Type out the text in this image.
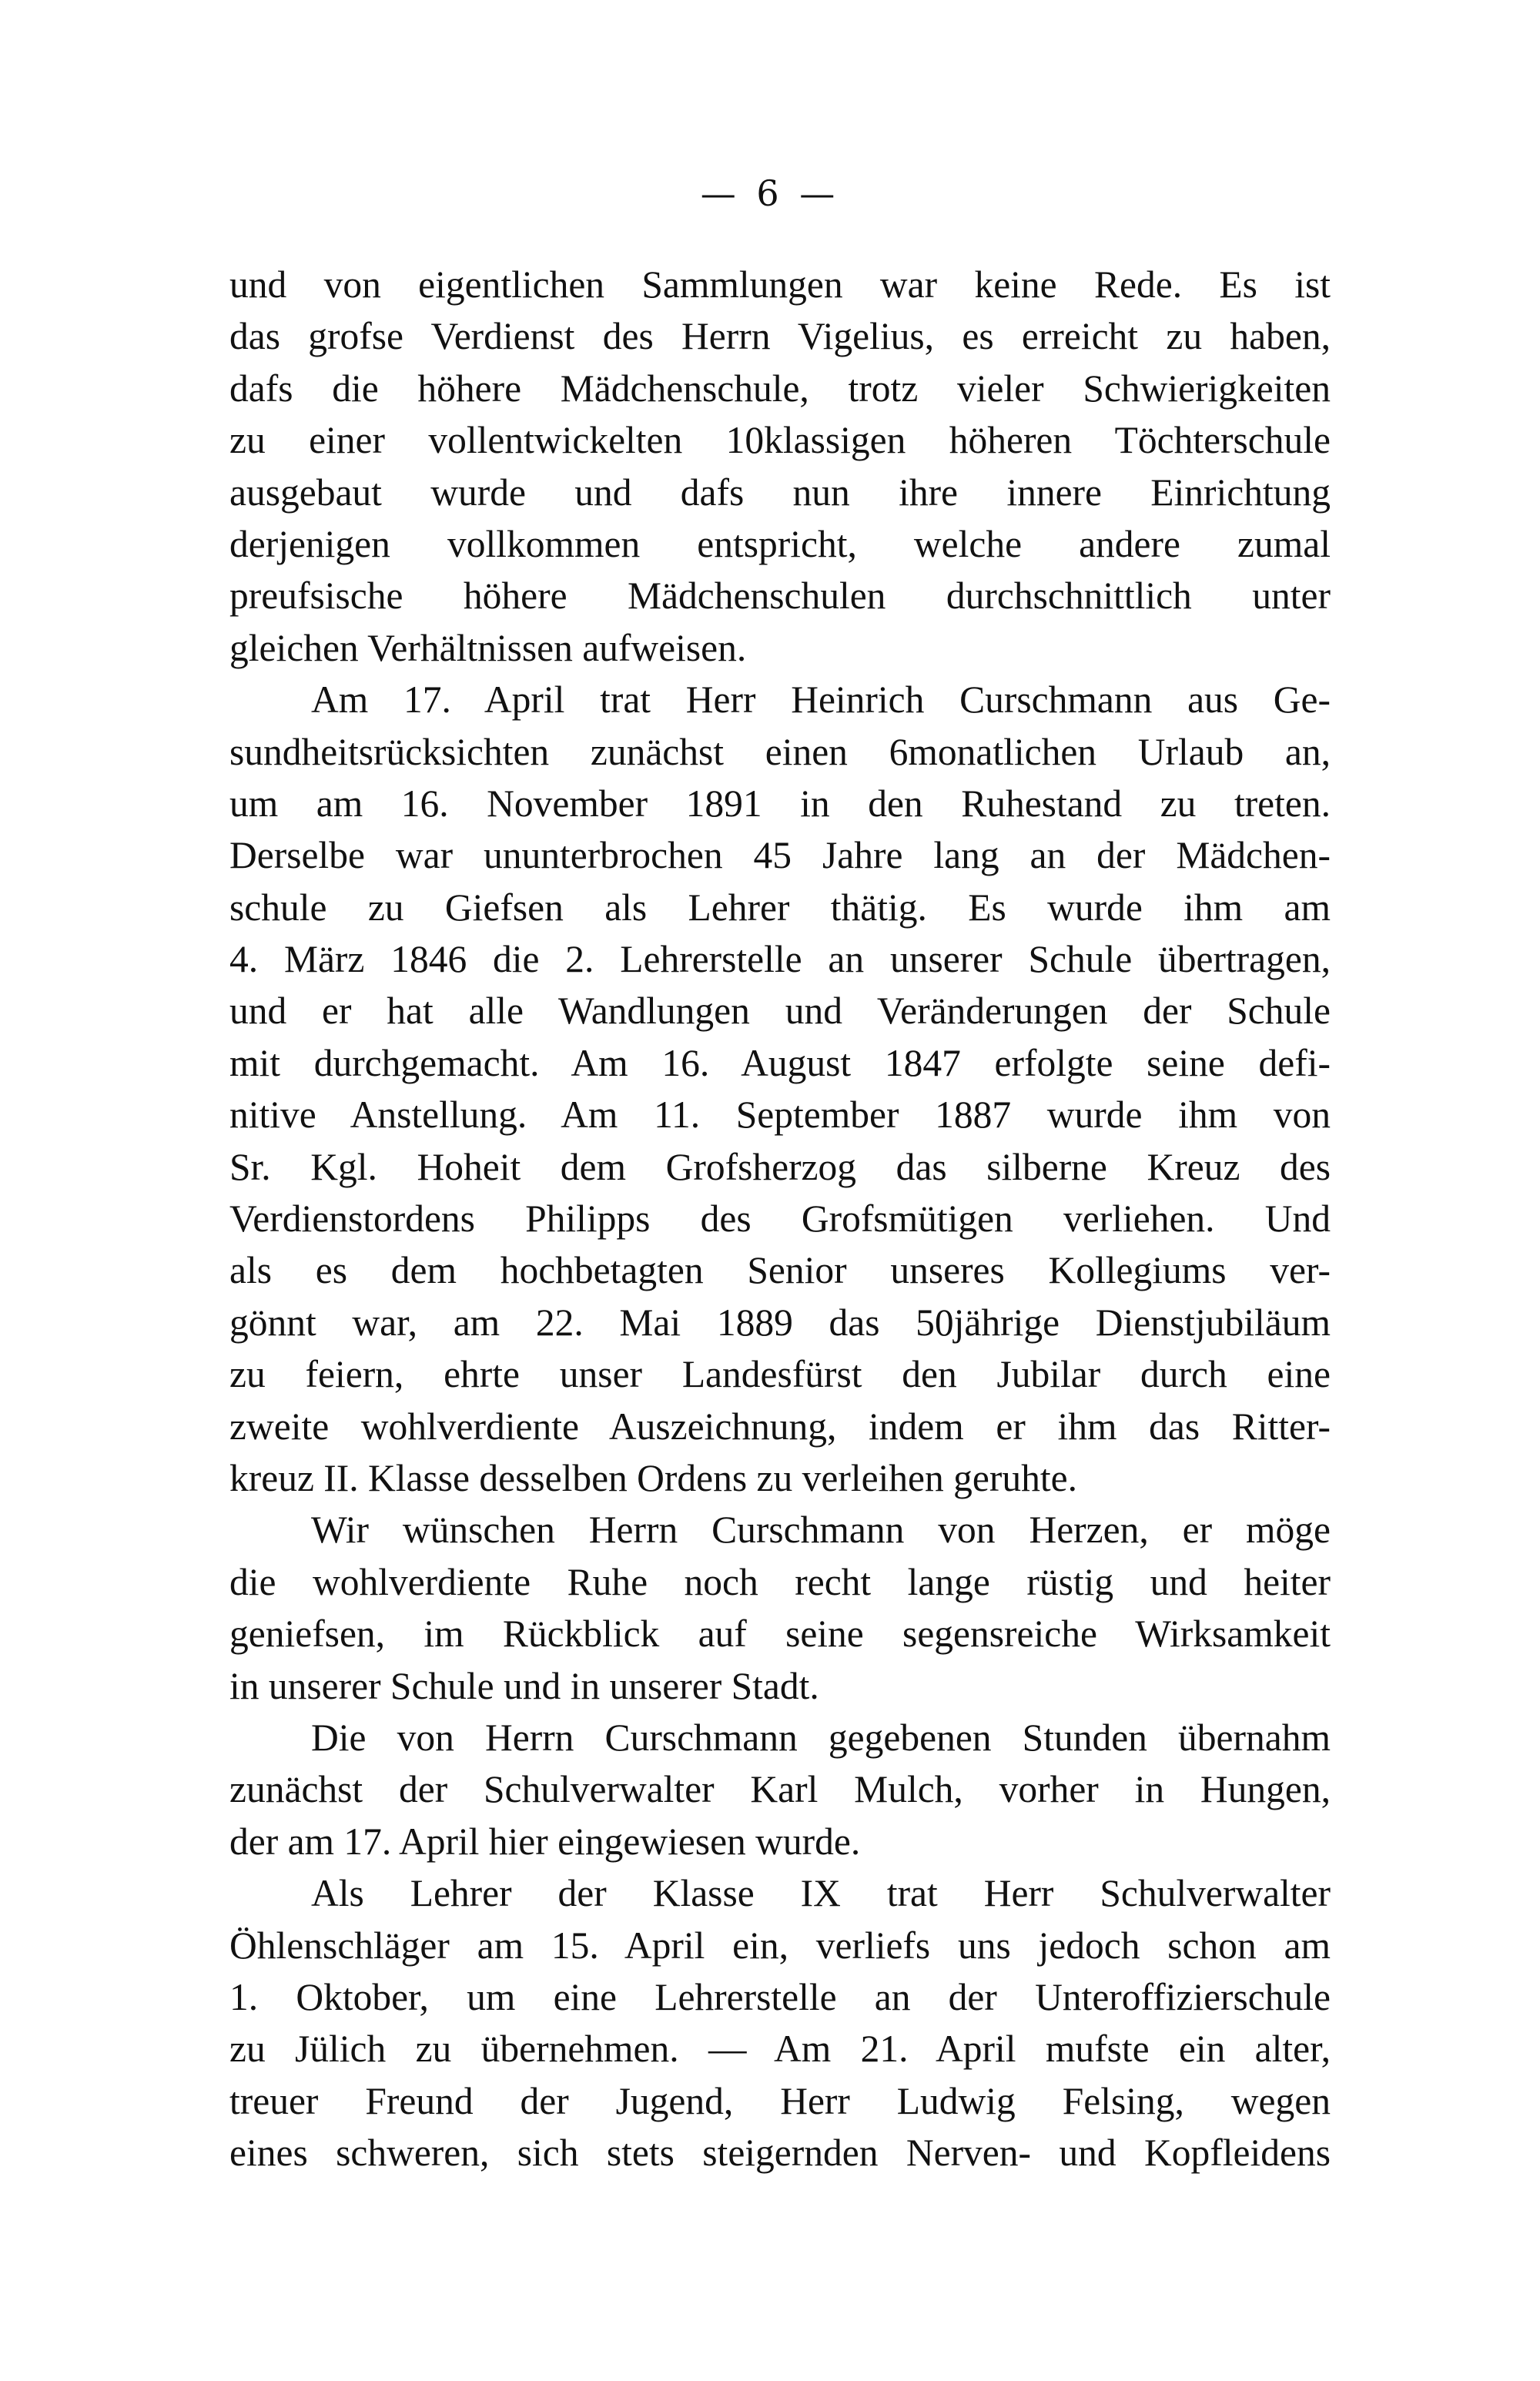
— 6 —
und von eigentlichen Sammlungen war keine Rede. Es ist
das grofse Verdienst des Herrn Vigelius, es erreicht zu haben,
dafs die höhere Mädchenschule, trotz vieler Schwierigkeiten
zu einer vollentwickelten 10klassigen höheren Töchterschule
ausgebaut wurde und dafs nun ihre innere Einrichtung
derjenigen vollkommen entspricht, welche andere zumal
preufsische höhere Mädchenschulen durchschnittlich unter
gleichen Verhältnissen aufweisen.
Am 17. April trat Herr Heinrich Curschmann aus Ge-
sundheitsrücksichten zunächst einen 6monatlichen Urlaub an,
um am 16. November 1891 in den Ruhestand zu treten.
Derselbe war ununterbrochen 45 Jahre lang an der Mädchen-
schule zu Giefsen als Lehrer thätig. Es wurde ihm am
4. März 1846 die 2. Lehrerstelle an unserer Schule übertragen,
und er hat alle Wandlungen und Veränderungen der Schule
mit durchgemacht. Am 16. August 1847 erfolgte seine defi-
nitive Anstellung. Am 11. September 1887 wurde ihm von
Sr. Kgl. Hoheit dem Grofsherzog das silberne Kreuz des
Verdienstordens Philipps des Grofsmütigen verliehen. Und
als es dem hochbetagten Senior unseres Kollegiums ver-
gönnt war, am 22. Mai 1889 das 50jährige Dienstjubiläum
zu feiern, ehrte unser Landesfürst den Jubilar durch eine
zweite wohlverdiente Auszeichnung, indem er ihm das Ritter-
kreuz II. Klasse desselben Ordens zu verleihen geruhte.
Wir wünschen Herrn Curschmann von Herzen, er möge
die wohlverdiente Ruhe noch recht lange rüstig und heiter
geniefsen, im Rückblick auf seine segensreiche Wirksamkeit
in unserer Schule und in unserer Stadt.
Die von Herrn Curschmann gegebenen Stunden übernahm
zunächst der Schulverwalter Karl Mulch, vorher in Hungen,
der am 17. April hier eingewiesen wurde.
Als Lehrer der Klasse IX trat Herr Schulverwalter
Öhlenschläger am 15. April ein, verliefs uns jedoch schon am
1. Oktober, um eine Lehrerstelle an der Unteroffizierschule
zu Jülich zu übernehmen. — Am 21. April mufste ein alter,
treuer Freund der Jugend, Herr Ludwig Felsing, wegen
eines schweren, sich stets steigernden Nerven- und Kopfleidens
